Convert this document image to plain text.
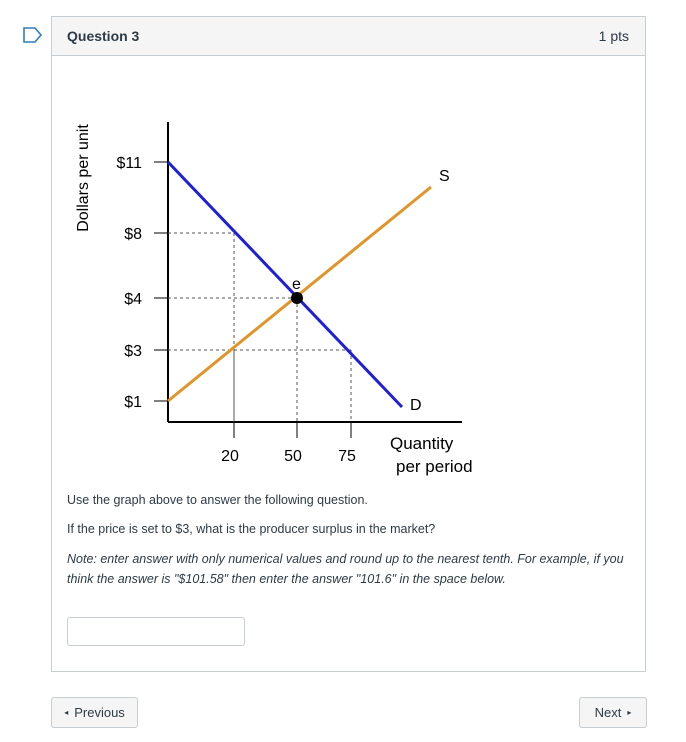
Question 3	1 pts
Dollars per unit $11
$8
$4
$3
$1
20	50 75
S
D
e
Quantity
per period
Use the graph above to answer the following question.
If the price is set to $3, what is the producer surplus in the market?
Note: enter answer with only numerical values and round up to the nearest tenth. For example, if you think the answer is "$101.58" then enter the answer "101.6" in the space below.
◂ Previous	Next ▸
